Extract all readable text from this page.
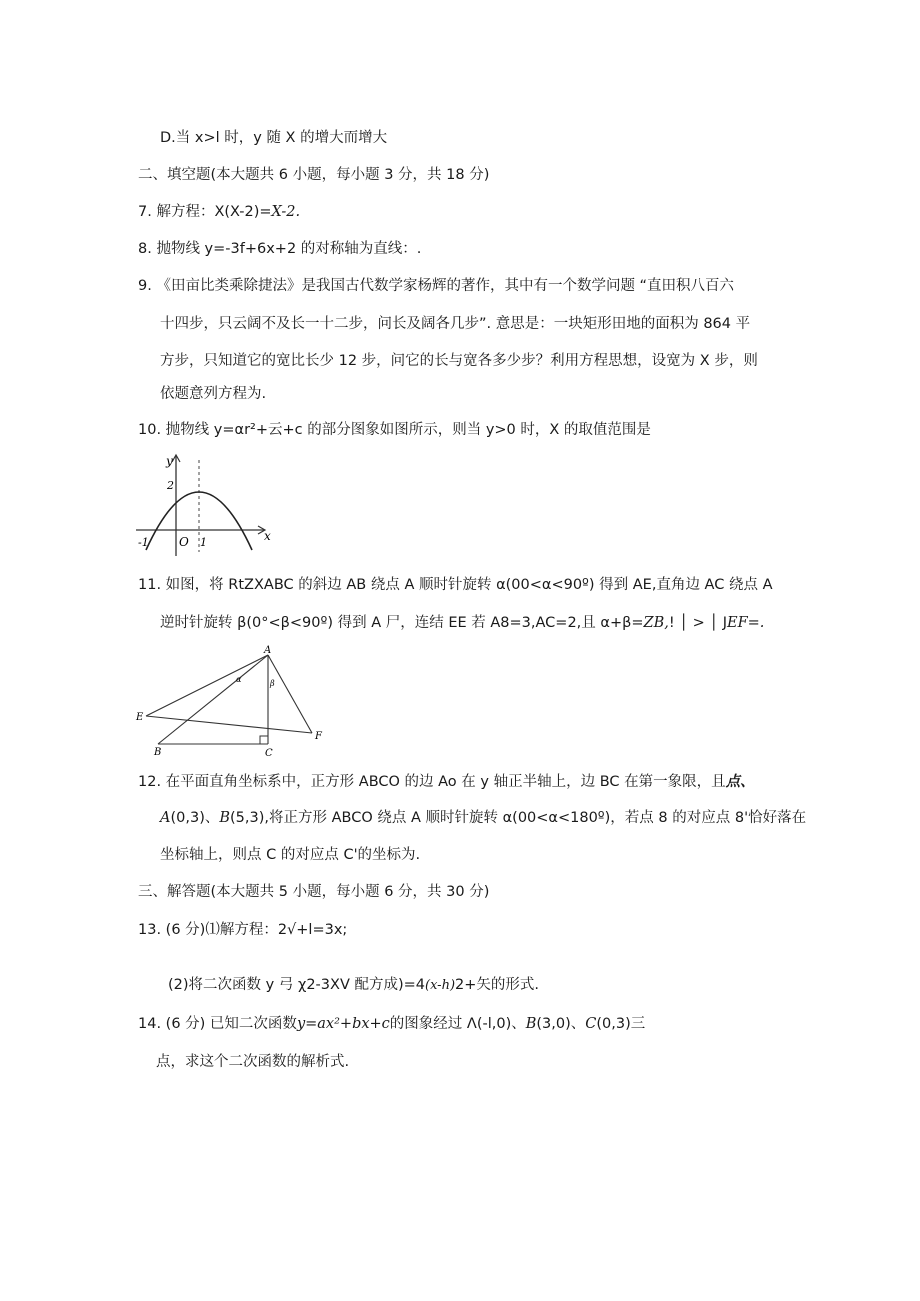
D.当 x>l 时，y 随 X 的增大而增大
二、填空题(本大题共 6 小题，每小题 3 分，共 18 分)
7. 解方程：X(X-2)=X-2.
8. 抛物线 y=-3f+6x+2 的对称轴为直线：.
9. 《田亩比类乘除捷法》是我国古代数学家杨辉的著作，其中有一个数学问题 “直田积八百六
十四步，只云阔不及长一十二步，问长及阔各几步”. 意思是：一块矩形田地的面积为 864 平
方步，只知道它的宽比长少 12 步，问它的长与宽各多少步？利用方程思想，设宽为 X 步，则
依题意列方程为.
10. 抛物线 y=αr²+云+c 的部分图象如图所示，则当 y>0 时，X 的取值范围是
y
x
O
-1	1
2
11. 如图，将 RtZXABC 的斜边 AB 绕点 A 顺时针旋转 α(00<α<90º) 得到 AE,直角边 AC 绕点 A
逆时针旋转 β(0°<β<90º) 得到 A 尸，连结 EE 若 A8=3,AC=2,且 α+β=ZB,! │ > │ JEF=.
A
B	C
E
F
α	β
12. 在平面直角坐标系中，正方形 ABCO 的边 Ao 在 y 轴正半轴上，边 BC 在第一象限，且点、
A(0,3)、B(5,3),将正方形 ABCO 绕点 A 顺时针旋转 α(00<α<180º)，若点 8 的对应点 8'恰好落在
坐标轴上，则点 C 的对应点 C'的坐标为.
三、解答题(本大题共 5 小题，每小题 6 分，共 30 分)
13. (6 分)⑴解方程：2√+l=3x;
(2)将二次函数 y 弓 χ2-3XV 配方成)=4(x-h)2+矢的形式.
14. (6 分) 已知二次函数y=ax²+bx+c的图象经过 Λ(-l,0)、B(3,0)、C(0,3)三
点，求这个二次函数的解析式.
